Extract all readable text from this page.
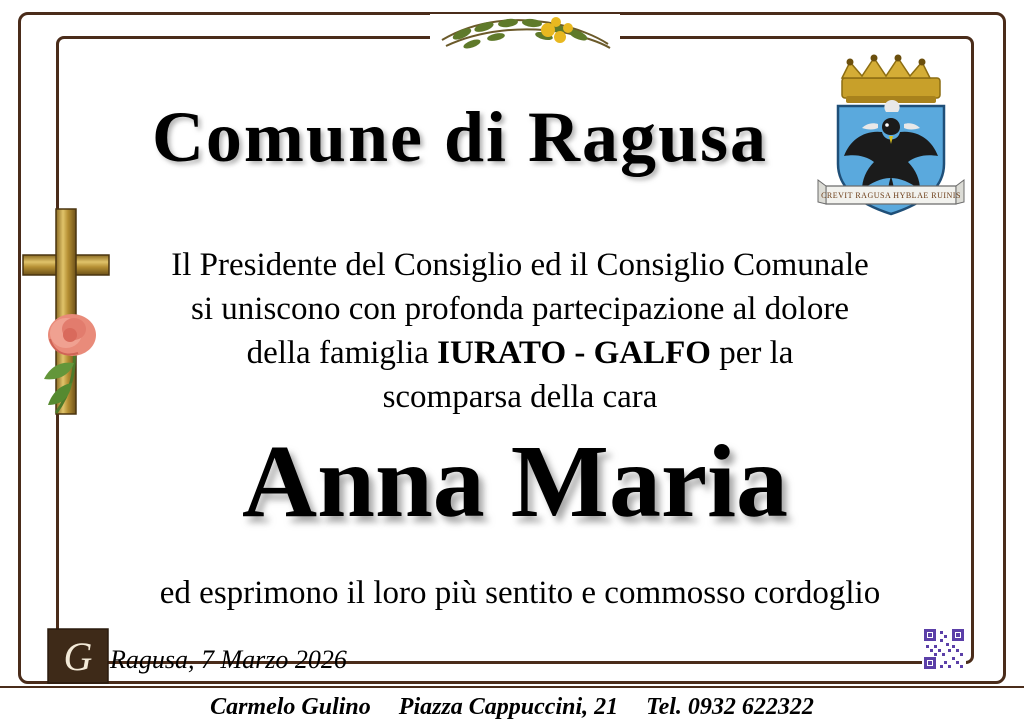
CREVIT RAGUSA HYBLAE RUINIS
Comune di Ragusa
Il Presidente del Consiglio ed il Consiglio Comunale
si uniscono con profonda partecipazione al dolore
della famiglia IURATO - GALFO per la
scomparsa della cara
Anna Maria
ed esprimono il loro più sentito e commosso cordoglio
G Ragusa, 7 Marzo 2026
Carmelo Gulino Piazza Cappuccini, 21 Tel. 0932 622322
